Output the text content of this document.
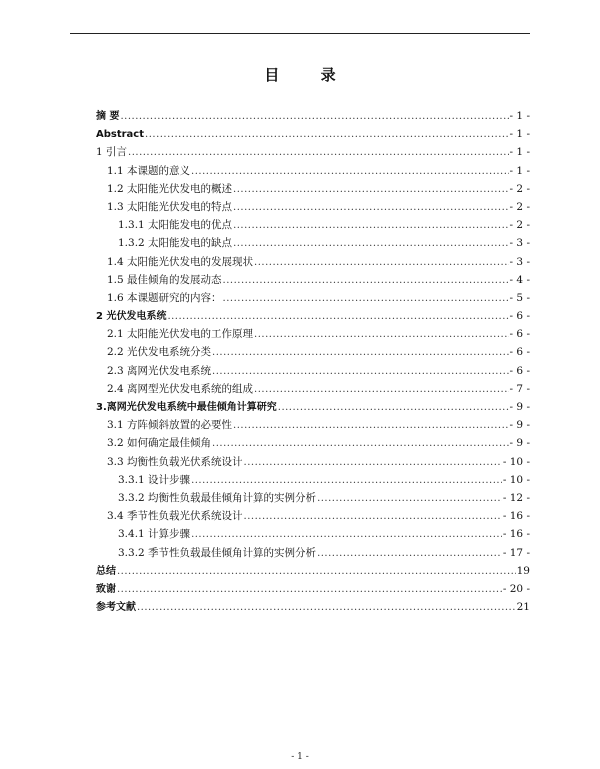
目 录
摘 要 .....	- 1 -
Abstract .....	- 1 -
1 引言 .....	- 1 -
1.1 本课题的意义 .....	- 1 -
1.2 太阳能光伏发电的概述 .....	- 2 -
1.3 太阳能光伏发电的特点 .....	- 2 -
1.3.1 太阳能发电的优点 .....	- 2 -
1.3.2 太阳能发电的缺点 .....	- 3 -
1.4 太阳能光伏发电的发展现状 .....	- 3 -
1.5 最佳倾角的发展动态 .....	- 4 -
1.6 本课题研究的内容： .....	- 5 -
2 光伏发电系统 .....	- 6 -
2.1 太阳能光伏发电的工作原理 .....	- 6 -
2.2 光伏发电系统分类 .....	- 6 -
2.3 离网光伏发电系统 .....	- 6 -
2.4 离网型光伏发电系统的组成 .....	- 7 -
3.离网光伏发电系统中最佳倾角计算研究 .....	- 9 -
3.1 方阵倾斜放置的必要性 .....	- 9 -
3.2 如何确定最佳倾角 .....	- 9 -
3.3 均衡性负载光伏系统设计 .....	- 10 -
3.3.1 设计步骤 .....	- 10 -
3.3.2 均衡性负载最佳倾角计算的实例分析 .....	- 12 -
3.4 季节性负载光伏系统设计 .....	- 16 -
3.4.1 计算步骤 .....	- 16 -
3.3.2 季节性负载最佳倾角计算的实例分析 .....	- 17 -
总结 .....	19
致谢 .....	- 20 -
参考文献 .....	21
- 1 -
